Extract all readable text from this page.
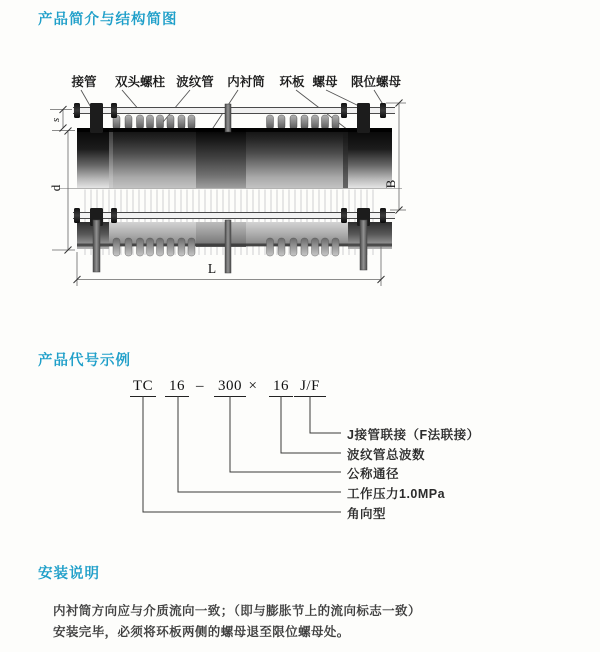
产品简介与结构简图
接管 双头螺柱 波纹管 内衬筒 环板 螺母 限位螺母
s
d	B
L
产品代号示例
TC 16 – 300 ×	16 J/F
J接管联接（F法联接）
波纹管总波数
公称通径
工作压力1.0MPa
角向型
安装说明
内衬筒方向应与介质流向一致；（即与膨胀节上的流向标志一致）
安装完毕，必须将环板两侧的螺母退至限位螺母处。
